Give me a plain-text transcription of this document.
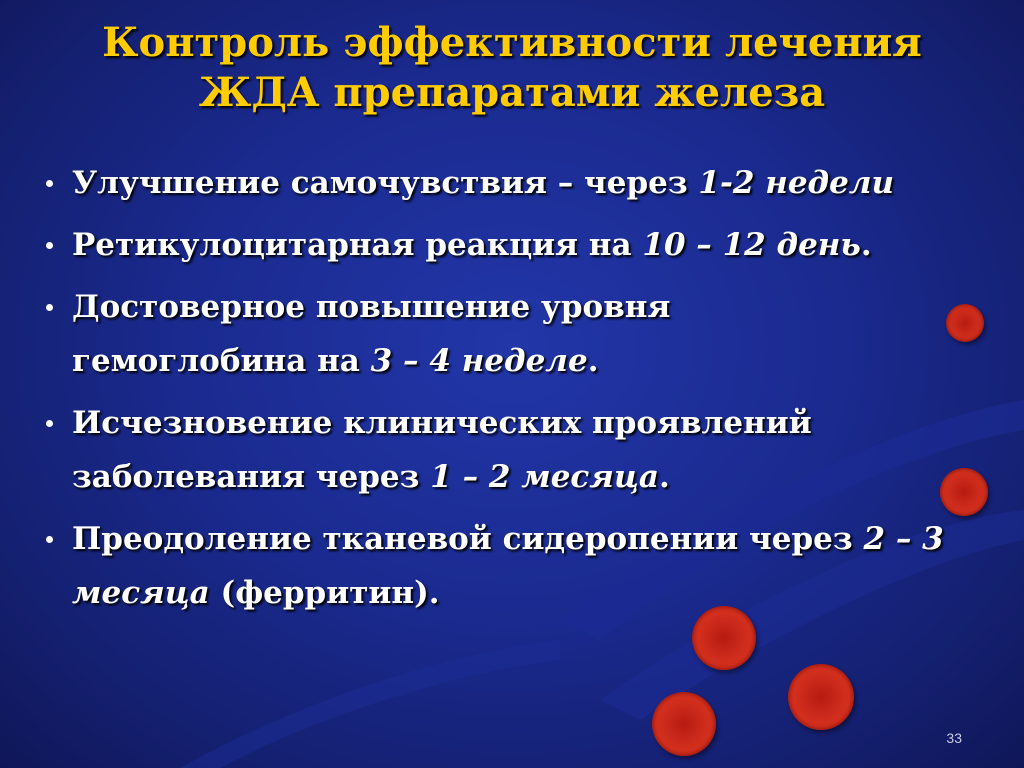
Контроль эффективности лечения
ЖДА препаратами железа
Улучшение самочувствия – через 1-2 недели
Ретикулоцитарная реакция на 10 – 12 день.
Достоверное повышение уровня гемоглобина на 3 – 4 неделе.
Исчезновение клинических проявлений заболевания через 1 – 2 месяца.
Преодоление тканевой сидеропении через 2 – 3 месяца (ферритин).
33
